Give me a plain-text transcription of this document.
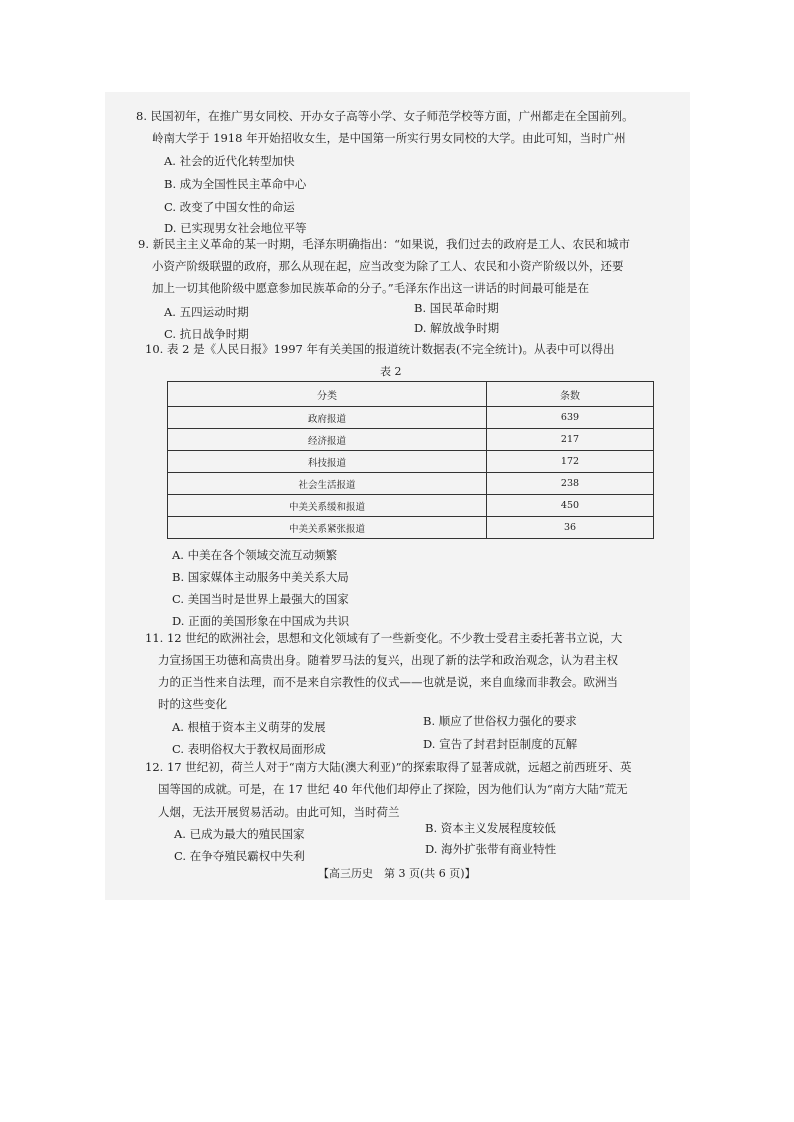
8. 民国初年，在推广男女同校、开办女子高等小学、女子师范学校等方面，广州都走在全国前列。
岭南大学于 1918 年开始招收女生，是中国第一所实行男女同校的大学。由此可知，当时广州
A. 社会的近代化转型加快
B. 成为全国性民主革命中心
C. 改变了中国女性的命运
D. 已实现男女社会地位平等
9. 新民主主义革命的某一时期，毛泽东明确指出：“如果说，我们过去的政府是工人、农民和城市
小资产阶级联盟的政府，那么从现在起，应当改变为除了工人、农民和小资产阶级以外，还要
加上一切其他阶级中愿意参加民族革命的分子。”毛泽东作出这一讲话的时间最可能是在
A. 五四运动时期	B. 国民革命时期
C. 抗日战争时期	D. 解放战争时期
10. 表 2 是《人民日报》1997 年有关美国的报道统计数据表(不完全统计)。从表中可以得出
表 2
分类	条数
政府报道	639
经济报道	217
科技报道	172
社会生活报道	238
中美关系缓和报道	450
中美关系紧张报道	36
A. 中美在各个领域交流互动频繁
B. 国家媒体主动服务中美关系大局
C. 美国当时是世界上最强大的国家
D. 正面的美国形象在中国成为共识
11. 12 世纪的欧洲社会，思想和文化领域有了一些新变化。不少教士受君主委托著书立说，大
力宣扬国王功德和高贵出身。随着罗马法的复兴，出现了新的法学和政治观念，认为君主权
力的正当性来自法理，而不是来自宗教性的仪式——也就是说，来自血缘而非教会。欧洲当
时的这些变化
A. 根植于资本主义萌芽的发展	B. 顺应了世俗权力强化的要求
C. 表明俗权大于教权局面形成	D. 宣告了封君封臣制度的瓦解
12. 17 世纪初，荷兰人对于“南方大陆(澳大利亚)”的探索取得了显著成就，远超之前西班牙、英
国等国的成就。可是，在 17 世纪 40 年代他们却停止了探险，因为他们认为“南方大陆”荒无
人烟，无法开展贸易活动。由此可知，当时荷兰
A. 已成为最大的殖民国家	B. 资本主义发展程度较低
C. 在争夺殖民霸权中失利	D. 海外扩张带有商业特性
【高三历史　第 3 页(共 6 页)】
